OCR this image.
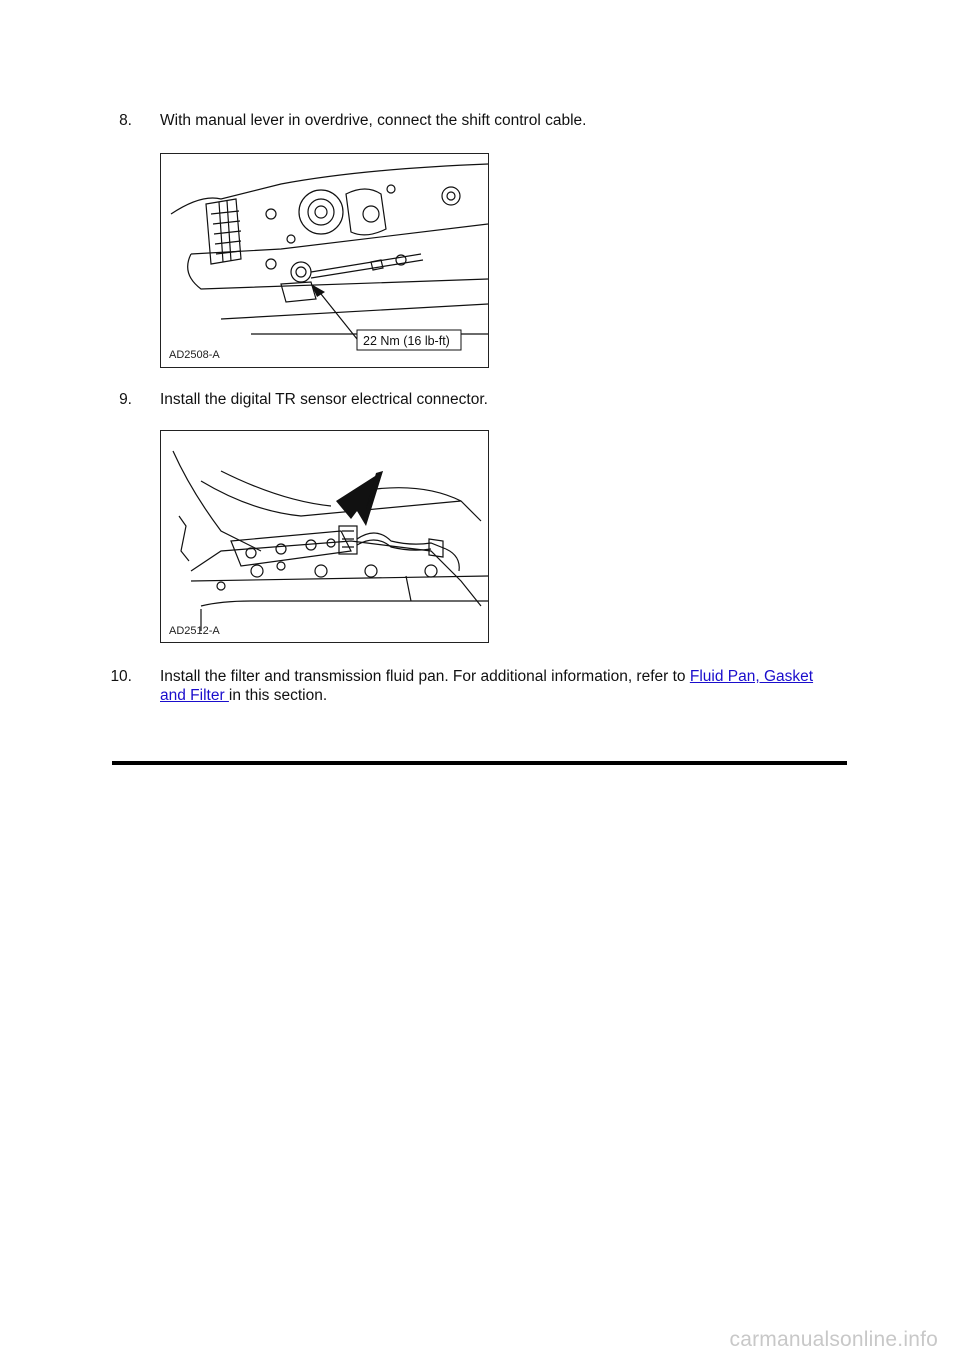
8. With manual lever in overdrive, connect the shift control cable.
22 Nm (16 lb-ft)
AD2508-A
9. Install the digital TR sensor electrical connector.
AD2512-A
10. Install the filter and transmission fluid pan. For additional information, refer to Fluid Pan, Gasket
and Filter in this section.
carmanualsonline.info
